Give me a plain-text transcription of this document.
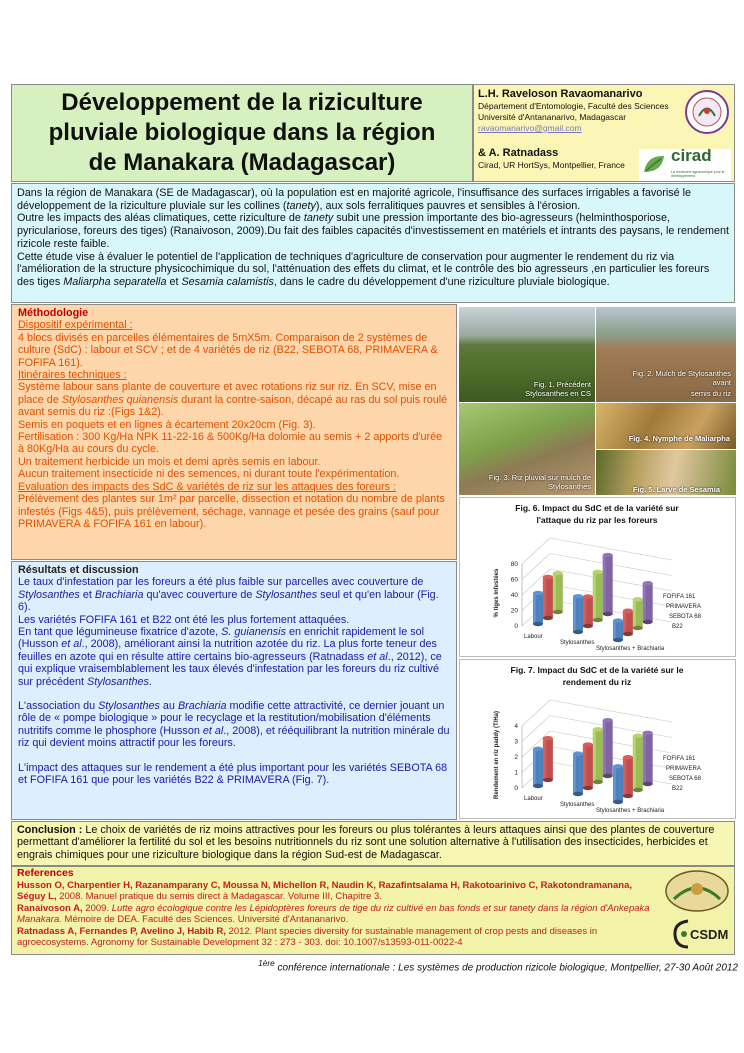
Développement de la riziculture
pluviale biologique dans la région
de Manakara (Madagascar)
L.H. Raveloson Ravaomanarivo
Département d'Entomologie, Faculté des Sciences
Université d'Antananarivo, Madagascar
ravaomanarivo@gmail.com
& A. Ratnadass
Cirad, UR HortSys, Montpellier, France	cirad
La recherche agronomique pour le développement

Dans la région de Manakara (SE de Madagascar), où la population est en majorité agricole, l'insuffisance des surfaces irrigables a favorisé le développement de la riziculture pluviale sur les collines (tanety), aux sols ferralitiques pauvres et sensibles à l'érosion.

Outre les impacts des aléas climatiques, cette riziculture de tanety subit une pression importante des bio-agresseurs (helminthosporiose, pyriculariose, foreurs des tiges) (Ranaivoson, 2009).Du fait des faibles capacités d'investissement en matériels et intrants des paysans, le rendement rizicole reste faible.

Cette étude vise à évaluer le potentiel de l'application de techniques d'agriculture de conservation pour augmenter le rendement du riz via l'amélioration de la structure physicochimique du sol, l'atténuation des effets du climat, et le contrôle des bio agresseurs ,en particulier les foreurs des tiges Maliarpha separatella et Sesamia calamistis, dans le cadre du développement d'une riziculture pluviale biologique.

Méthodologie

Dispositif expérimental :

4 blocs divisés en parcelles élémentaires de 5mX5m. Comparaison de 2 systèmes de culture (SdC) : labour et SCV ; et de 4 variétés de riz (B22, SEBOTA 68, PRIMAVERA & FOFIFA 161).

Itinéraires techniques :

Système labour sans plante de couverture et avec rotations riz sur riz. En SCV, mise en place de Stylosanthes quianensis durant la contre-saison, décapé au ras du sol puis roulé avant semis du riz :(Figs 1&2).

Semis en poquets et en lignes à écartement 20x20cm (Fig. 3).

Fertilisation : 300 Kg/Ha NPK 11-22-16 & 500Kg/Ha dolomie au semis + 2 apports d'urée à 80Kg/Ha au cours du cycle.

Un traitement herbicide un mois et demi après semis en labour.

Aucun traitement insecticide ni des semences, ni durant toute l'expérimentation.

Evaluation des impacts des SdC & variétés de riz sur les attaques des foreurs :

Prélèvement des plantes sur 1m² par parcelle, dissection et notation du nombre de plants infestés (Figs 4&5), puis prélèvement, séchage, vannage et pesée des grains (sauf pour PRIMAVERA & FOFIFA 161 en labour).

Fig. 1. Précédent Stylosanthes en CS
Fig. 2. Mulch de Stylosanthes avant
semis du riz
Fig. 3. Riz pluvial sur mulch de Stylosanthes
Fig. 4. Nymphe de Maliarpha
Fig. 5. Larve de Sesamia
Fig. 6. Impact du SdC et de la variété sur
l'attaque du riz par les foreurs
% tiges infestées
0
20
40
60
80
Labour
Stylosanthes
Stylosanthes + Brachiaria
B22
SEBOTA 68
PRIMAVERA
FOFIFA 161
Fig. 7. Impact du SdC et de la variété sur le
rendement du riz
Rendement en riz paddy (T/Ha) 0
1
2
3
4
Labour
Stylosanthes
Stylosanthes + Brachiaria
B22
SEBOTA 68
PRIMAVERA
FOFIFA 161

Résultats et discussion

Le taux d'infestation par les foreurs a été plus faible sur parcelles avec couverture de Stylosanthes et Brachiaria qu'avec couverture de Stylosanthes seul et qu'en labour (Fig. 6).

Les variétés FOFIFA 161 et B22 ont été les plus fortement attaquées.

En tant que légumineuse fixatrice d'azote, S. guianensis en enrichit rapidement le sol (Husson et al., 2008), améliorant ainsi la nutrition azotée du riz. La plus forte teneur des feuilles en azote qui en résulte attire certains bio-agresseurs (Ratnadass et al., 2012), ce qui explique vraisemblablement les taux élevés d'infestation par les foreurs du riz cultivé sur précédent Stylosanthes.

L'association du Stylosanthes au Brachiaria modifie cette attractivité, ce dernier jouant un rôle de « pompe biologique » pour le recyclage et la restitution/mobilisation d'éléments nutritifs comme le phosphore (Husson et al., 2008), et rééquilibrant la nutrition minérale du riz qui devient moins attractif pour les foreurs.

L'impact des attaques sur le rendement a été plus important pour les variétés SEBOTA 68 et FOFIFA 161 que pour les variétés B22 & PRIMAVERA (Fig. 7).

Conclusion : Le choix de variétés de riz moins attractives pour les foreurs ou plus tolérantes à leurs attaques ainsi que des plantes de couverture permettant d'améliorer la fertilité du sol et les besoins nutritionnels du riz sont une solution alternative à l'utilisation des insecticides, herbicides et engrais chimiques pour une riziculture biologique dans la région Sud-est de Madagascar.
References

Husson O, Charpentier H, Razanamparany C, Moussa N, Michellon R, Naudin K, Razafintsalama H, Rakotoarinivo C, Rakotondramanana, Séguy L, 2008. Manuel pratique du semis direct à Madagascar. Volume III, Chapitre 3.

Ranaivoson A, 2009. Lutte agro écologique contre les Lépidoptères foreurs de tige du riz cultivé en bas fonds et sur tanety dans la région d'Ankepaka Manakara. Mémoire de DEA. Faculté des Sciences. Université d'Antananarivo.

Ratnadass A, Fernandes P, Avelino J, Habib R, 2012. Plant species diversity for sustainable management of crop pests and diseases in agroecosystems. Agronomy for Sustainable Development 32 : 273 - 303. doi: 10.1007/s13593-011-0022-4

CSDM
$^{1ère}$ conférence internationale : Les systèmes de production rizicole biologique, Montpellier, 27-30 Août 2012
